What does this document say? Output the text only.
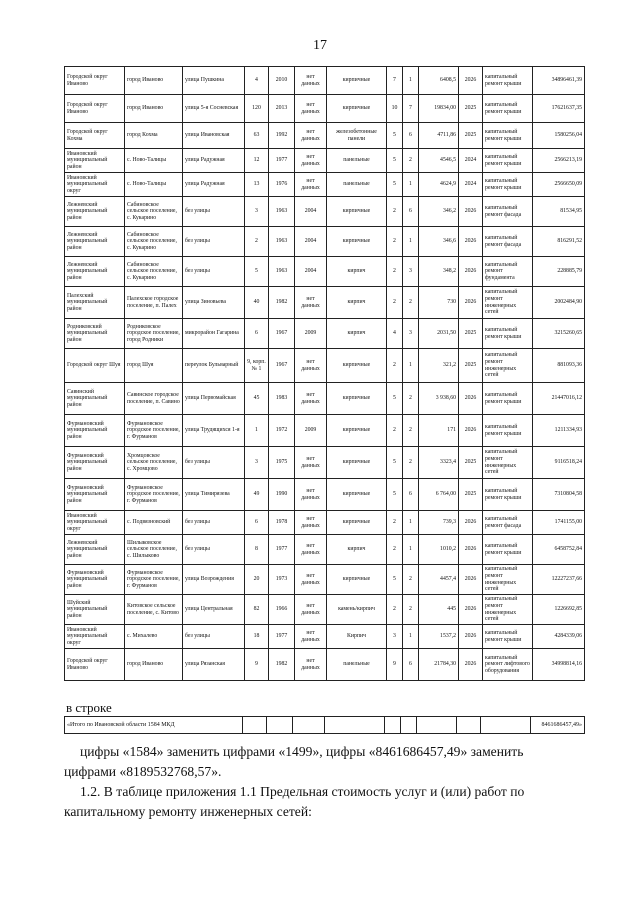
17
Городской округ Иваново	город Иваново	улица Пушкина	4	2010	нет данных	кирпичные	7	1	6408,5	2026	капитальный ремонт крыши	34896461,39
Городской округ Иваново	город Иваново	улица 5-я Сосневская	120	2013	нет данных	кирпичные	10	7	19834,00	2025	капитальный ремонт крыши	17621637,35
Городской округ Кохма	город Кохма	улица Ивановская	63	1992	нет данных	железобетонные панели	5	6	4711,86	2025	капитальный ремонт крыши	1580256,04
Ивановский муниципальный район	с. Ново-Талицы	улица Радужная	12	1977	нет данных	панельные	5	2	4546,5	2024	капитальный ремонт крыши	2566213,19
Ивановский муниципальный округ	с. Ново-Талицы	улица Радужная	13	1976	нет данных	панельные	5	1	4624,9	2024	капитальный ремонт крыши	2566650,09
Лежневский муниципальный район	Сабиновское сельское поселение, с. Кукарино	без улицы	3	1963	2004	кирпичные	2	6	346,2	2026	капитальный ремонт фасада	81534,95
Лежневский муниципальный район	Сабиновское сельское поселение, с. Кукарино	без улицы	2	1963	2004	кирпичные	2	1	346,6	2026	капитальный ремонт фасада	816291,52
Лежневский муниципальный район	Сабиновское сельское поселение, с. Кукарино	без улицы	5	1963	2004	кирпич	2	3	348,2	2026	капитальный ремонт фундамента	228885,79
Палехский муниципальный район	Палехское городское поселение, п. Палех	улица Зиновьева	40	1982	нет данных	кирпич	2	2	730	2026	капитальный ремонт инженерных сетей	2002484,90
Родниковский муниципальный район	Родниковское городское поселение, город Родники	микрорайон Гагарина	6	1967	2009	кирпич	4	3	2031,50	2025	капитальный ремонт крыши	3215260,65
Городской округ Шуя	город Шуя	переулок Бульварный	9, корп. № 1	1967	нет данных	кирпичные	2	1	321,2	2025	капитальный ремонт инженерных сетей	881093,36
Савинский муниципальный район	Савинское городское поселение, п. Савино	улица Первомайская	45	1983	нет данных	кирпичные	5	2	3 938,60	2026	капитальный ремонт крыши	21447016,12
Фурмановский муниципальный район	Фурмановское городское поселение, г. Фурманов	улица Трудящихся 1-я	1	1972	2009	кирпичные	2	2	171	2026	капитальный ремонт крыши	1211334,93
Фурмановский муниципальный район	Хромцовское сельское поселение, с. Хромцово	без улицы	3	1975	нет данных	кирпичные	5	2	3323,4	2025	капитальный ремонт инженерных сетей	9116518,24
Фурмановский муниципальный район	Фурмановское городское поселение, г. Фурманов	улица Тимирязева	49	1990	нет данных	кирпичные	5	6	6 764,00	2025	капитальный ремонт крыши	7310804,58
Ивановский муниципальный округ	с. Подвязновский	без улицы	6	1978	нет данных	кирпичные	2	1	739,3	2026	капитальный ремонт фасада	1741155,00
Лежневский муниципальный район	Шилыковское сельское поселение, с. Шилыково	без улицы	8	1977	нет данных	кирпич	2	1	1010,2	2026	капитальный ремонт крыши	6458752,84
Фурмановский муниципальный район	Фурмановское городское поселение, г. Фурманов	улица Возрождения	20	1973	нет данных	кирпичные	5	2	4457,4	2026	капитальный ремонт инженерных сетей	12227237,66
Шуйский муниципальный район	Китовское сельское поселение, с. Китово	улица Центральная	82	1966	нет данных	камень/кирпич	2	2	445	2026	капитальный ремонт инженерных сетей	1226692,85
Ивановский муниципальный округ	с. Михалево	без улицы	18	1977	нет данных	Кирпич	3	1	1537,2	2026	капитальный ремонт крыши	4284339,06
Городской округ Иваново	город Иваново	улица Рязанская	9	1982	нет данных	панельные	9	6	21784,30	2026	капитальный ремонт лифтового оборудования	34998814,16
в строке
«Итого по Ивановской области 1584 МКД										8461686457,49»
цифры «1584» заменить цифрами «1499», цифры «8461686457,49» заменить
цифрами «8189532768,57».
1.2. В таблице приложения 1.1 Предельная стоимость услуг и (или) работ по
капитальному ремонту инженерных сетей:
